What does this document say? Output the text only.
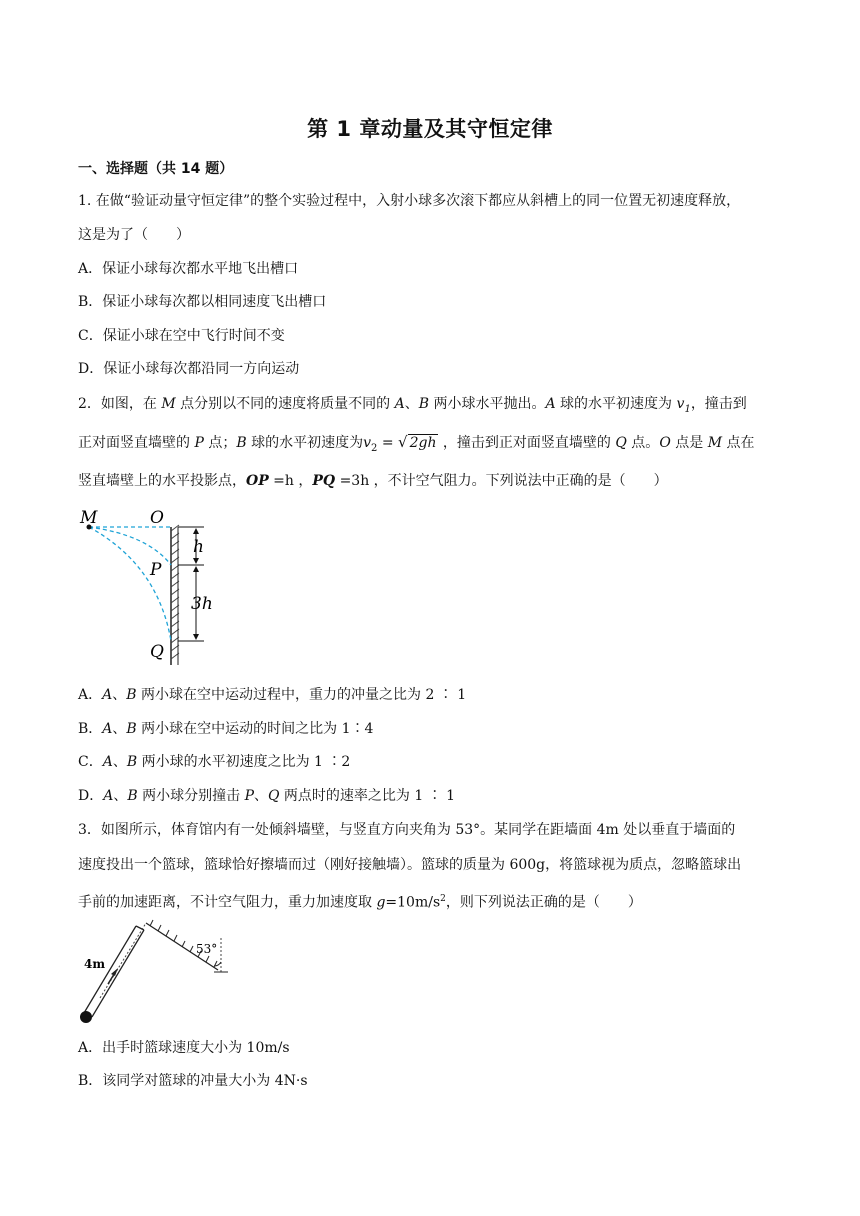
第 1 章动量及其守恒定律
一、选择题（共 14 题）
1. 在做“验证动量守恒定律”的整个实验过程中，入射小球多次滚下都应从斜槽上的同一位置无初速度释放，
这是为了（　　）
A．保证小球每次都水平地飞出槽口
B．保证小球每次都以相同速度飞出槽口
C．保证小球在空中飞行时间不变
D．保证小球每次都沿同一方向运动
2．如图，在 M 点分别以不同的速度将质量不同的 A、B 两小球水平抛出。A 球的水平初速度为 $v_1$，撞击到
正对面竖直墙壁的 P 点；B 球的水平初速度为$v_2$ = √ 2gh ，撞击到正对面竖直墙壁的 Q 点。O 点是 M 点在
竖直墙壁上的水平投影点，OP =h ，PQ =3h ，不计空气阻力。下列说法中正确的是（　　）
M	O
P
Q
h
3h
A．A、B 两小球在空中运动过程中，重力的冲量之比为 2 ∶ 1
B．A、B 两小球在空中运动的时间之比为 1∶4
C．A、B 两小球的水平初速度之比为 1 ∶2
D．A、B 两小球分别撞击 P、Q 两点时的速率之比为 1 ∶ 1
3．如图所示，体育馆内有一处倾斜墙壁，与竖直方向夹角为 53°。某同学在距墙面 4m 处以垂直于墙面的
速度投出一个篮球，篮球恰好擦墙而过（刚好接触墙）。篮球的质量为 600g，将篮球视为质点，忽略篮球出
手前的加速距离，不计空气阻力，重力加速度取 $g=10m/s^2$，则下列说法正确的是（　　）
53°
4m
A．出手时篮球速度大小为 10m/s
B．该同学对篮球的冲量大小为 4N·s
